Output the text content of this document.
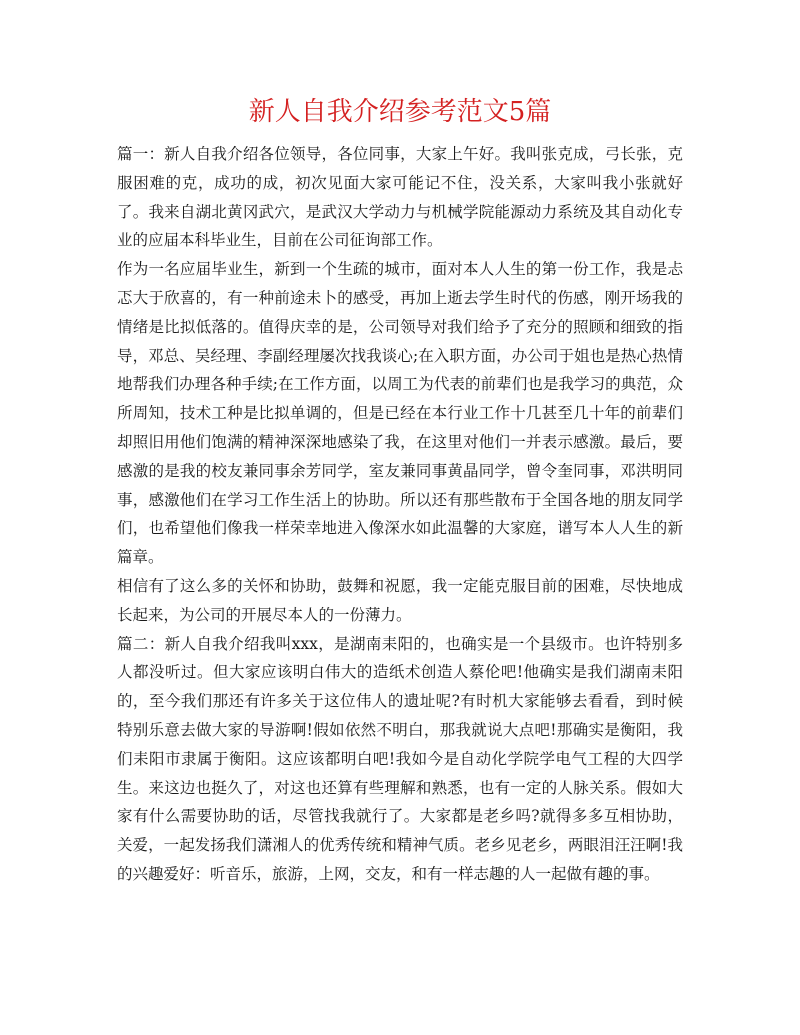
新人自我介绍参考范文5篇

篇一：新人自我介绍各位领导，各位同事，大家上午好。我叫张克成，弓长张，克服困难的克，成功的成，初次见面大家可能记不住，没关系，大家叫我小张就好了。我来自湖北黄冈武穴，是武汉大学动力与机械学院能源动力系统及其自动化专业的应届本科毕业生，目前在公司征询部工作。

作为一名应届毕业生，新到一个生疏的城市，面对本人人生的第一份工作，我是忐忑大于欣喜的，有一种前途未卜的感受，再加上逝去学生时代的伤感，刚开场我的情绪是比拟低落的。值得庆幸的是，公司领导对我们给予了充分的照顾和细致的指导，邓总、吴经理、李副经理屡次找我谈心;在入职方面，办公司于姐也是热心热情地帮我们办理各种手续;在工作方面，以周工为代表的前辈们也是我学习的典范，众所周知，技术工种是比拟单调的，但是已经在本行业工作十几甚至几十年的前辈们却照旧用他们饱满的精神深深地感染了我，在这里对他们一并表示感激。最后，要感激的是我的校友兼同事余芳同学，室友兼同事黄晶同学，曾令奎同事，邓洪明同事，感激他们在学习工作生活上的协助。所以还有那些散布于全国各地的朋友同学们，也希望他们像我一样荣幸地进入像深水如此温馨的大家庭，谱写本人人生的新篇章。

相信有了这么多的关怀和协助，鼓舞和祝愿，我一定能克服目前的困难，尽快地成长起来，为公司的开展尽本人的一份薄力。

篇二：新人自我介绍我叫xxx，是湖南耒阳的，也确实是一个县级市。也许特别多人都没听过。但大家应该明白伟大的造纸术创造人蔡伦吧!他确实是我们湖南耒阳的，至今我们那还有许多关于这位伟人的遗址呢?有时机大家能够去看看，到时候特别乐意去做大家的导游啊!假如依然不明白，那我就说大点吧!那确实是衡阳，我们耒阳市隶属于衡阳。这应该都明白吧!我如今是自动化学院学电气工程的大四学生。来这边也挺久了，对这也还算有些理解和熟悉，也有一定的人脉关系。假如大家有什么需要协助的话，尽管找我就行了。大家都是老乡吗?就得多多互相协助，关爱，一起发扬我们潇湘人的优秀传统和精神气质。老乡见老乡，两眼泪汪汪啊!我的兴趣爱好：听音乐，旅游，上网，交友，和有一样志趣的人一起做有趣的事。
